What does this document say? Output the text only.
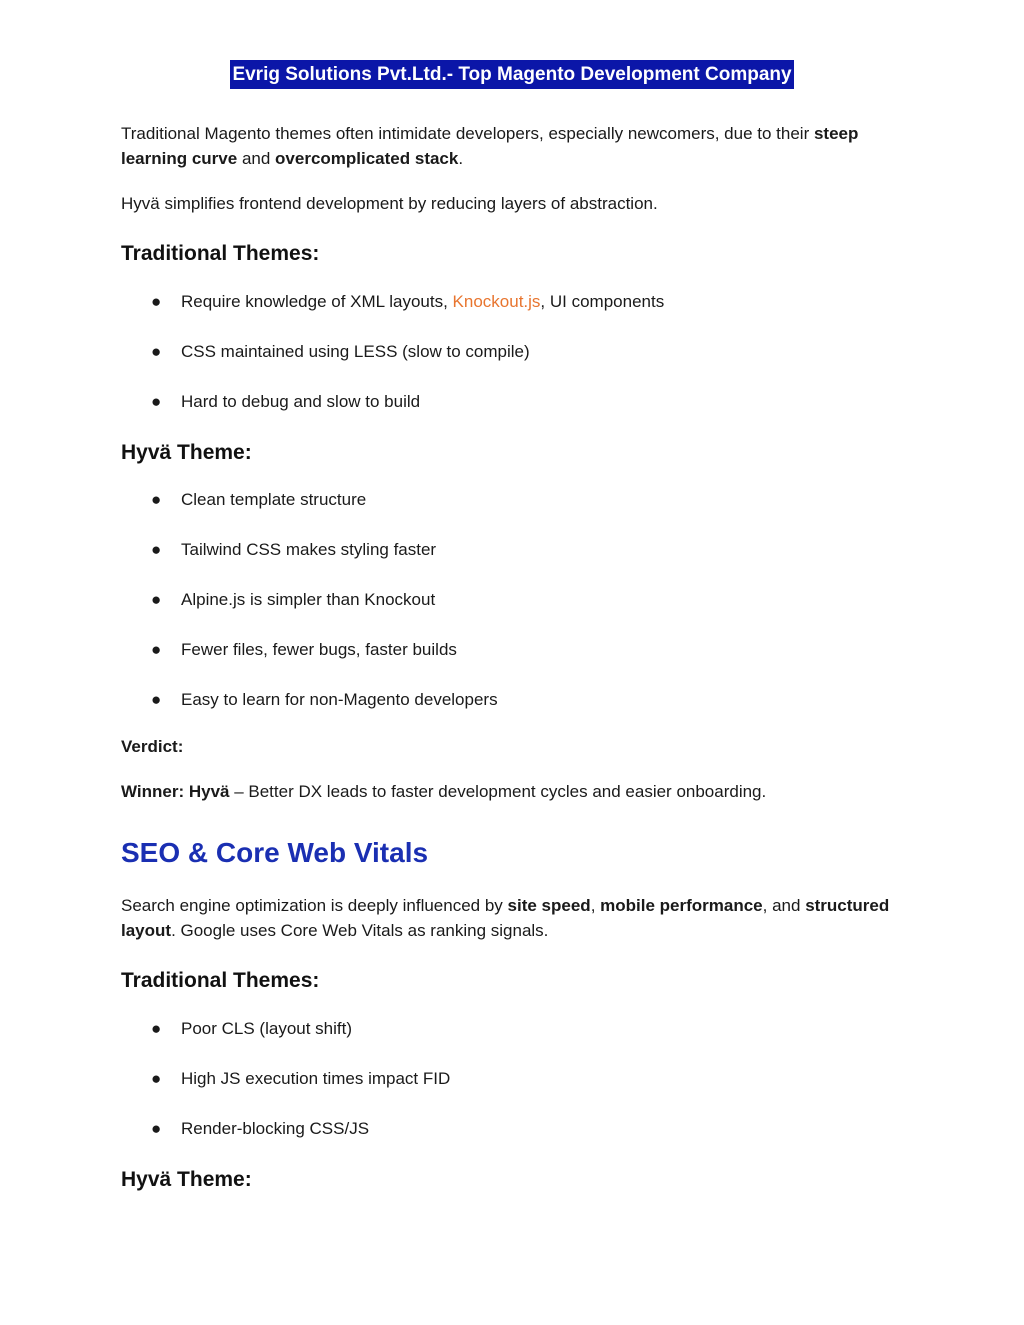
Evrig Solutions Pvt.Ltd.- Top Magento Development Company

Traditional Magento themes often intimidate developers, especially newcomers, due to their steep learning curve and overcomplicated stack.

Hyvä simplifies frontend development by reducing layers of abstraction.

Traditional Themes:
● Require knowledge of XML layouts, Knockout.js, UI components
● CSS maintained using LESS (slow to compile)
● Hard to debug and slow to build
Hyvä Theme:
● Clean template structure
● Tailwind CSS makes styling faster
● Alpine.js is simpler than Knockout
● Fewer files, fewer bugs, faster builds
● Easy to learn for non-Magento developers

Verdict:

Winner: Hyvä – Better DX leads to faster development cycles and easier onboarding.

SEO & Core Web Vitals

Search engine optimization is deeply influenced by site speed, mobile performance, and structured layout. Google uses Core Web Vitals as ranking signals.

Traditional Themes:
● Poor CLS (layout shift)
● High JS execution times impact FID
● Render-blocking CSS/JS
Hyvä Theme:
